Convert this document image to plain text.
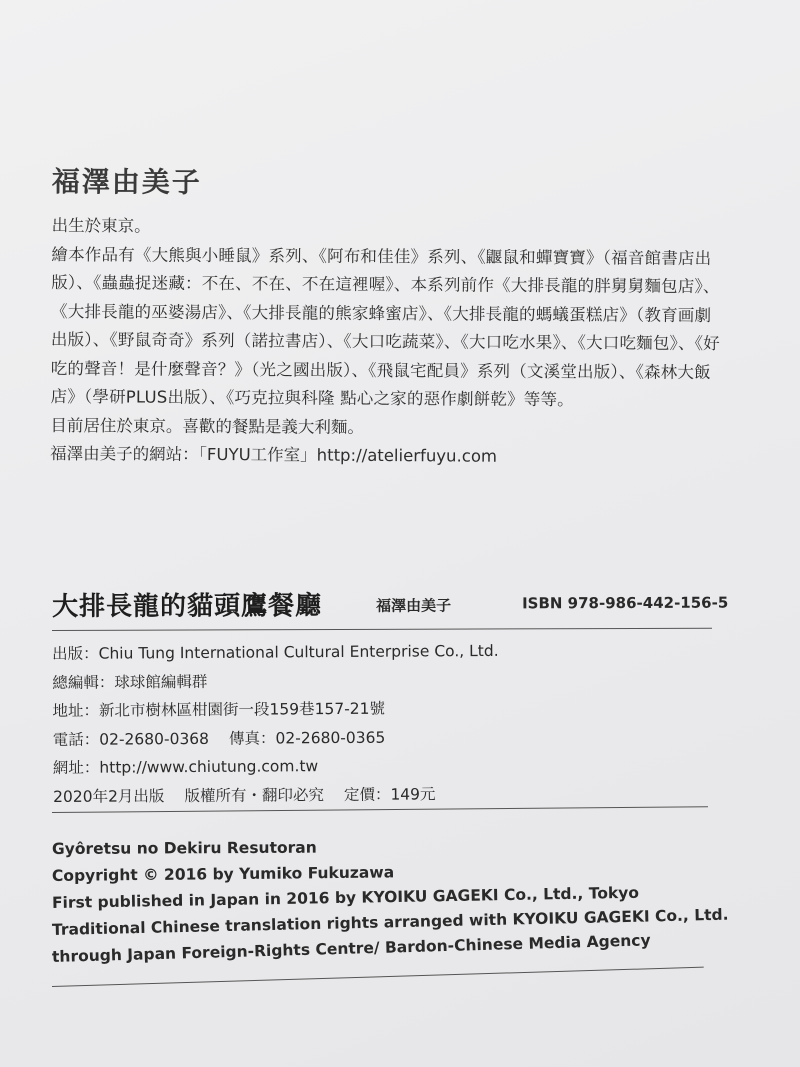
福澤由美子

出生於東京。

繪本作品有《大熊與小睡鼠》系列、《阿布和佳佳》系列、《鼴鼠和蟬寶寶》（福音館書店出版）、《蟲蟲捉迷藏：不在、不在、不在這裡喔》、本系列前作《大排長龍的胖舅舅麵包店》、《大排長龍的巫婆湯店》、《大排長龍的熊家蜂蜜店》、《大排長龍的螞蟻蛋糕店》（教育画劇出版）、《野鼠奇奇》系列（諾拉書店）、《大口吃蔬菜》、《大口吃水果》、《大口吃麵包》、《好吃的聲音！是什麼聲音？》（光之國出版）、《飛鼠宅配員》系列（文溪堂出版）、《森林大飯店》（學研PLUS出版）、《巧克拉與科隆 點心之家的惡作劇餅乾》等等。

目前居住於東京。喜歡的餐點是義大利麵。

福澤由美子的網站：「FUYU工作室」http://atelierfuyu.com

大排長龍的貓頭鷹餐廳	福澤由美子	ISBN 978-986-442-156-5

出版：Chiu Tung International Cultural Enterprise Co., Ltd.

總編輯：球球館編輯群

地址：新北市樹林區柑園街一段159巷157-21號

電話：02-2680-0368 傳真：02-2680-0365

網址：http://www.chiutung.com.tw

2020年2月出版 版權所有・翻印必究 定價：149元

Gyôretsu no Dekiru Resutoran

Copyright © 2016 by Yumiko Fukuzawa

First published in Japan in 2016 by KYOIKU GAGEKI Co., Ltd., Tokyo

Traditional Chinese translation rights arranged with KYOIKU GAGEKI Co., Ltd.

through Japan Foreign-Rights Centre/ Bardon-Chinese Media Agency
